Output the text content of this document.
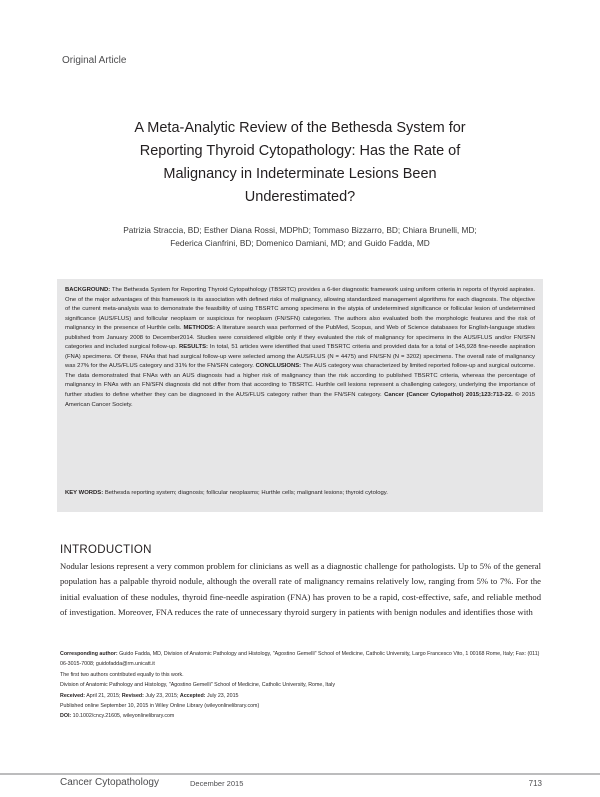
Original Article
A Meta-Analytic Review of the Bethesda System for
Reporting Thyroid Cytopathology: Has the Rate of
Malignancy in Indeterminate Lesions Been
Underestimated?
Patrizia Straccia, BD; Esther Diana Rossi, MDPhD; Tommaso Bizzarro, BD; Chiara Brunelli, MD;
Federica Cianfrini, BD; Domenico Damiani, MD; and Guido Fadda, MD
BACKGROUND: The Bethesda System for Reporting Thyroid Cytopathology (TBSRTC) provides a 6-tier diagnostic framework using uniform criteria in reports of thyroid aspirates. One of the major advantages of this framework is its association with defined risks of malignancy, allowing standardized management algorithms for each diagnosis. The objective of the current meta-analysis was to demonstrate the feasibility of using TBSRTC among specimens in the atypia of undetermined significance or follicular lesion of undetermined significance (AUS/FLUS) and follicular neoplasm or suspicious for neoplasm (FN/SFN) categories. The authors also evaluated both the morphologic features and the risk of malignancy in the presence of Hurthle cells. METHODS: A literature search was performed of the PubMed, Scopus, and Web of Science databases for English-language studies published from January 2008 to December2014. Studies were considered eligible only if they evaluated the risk of malignancy for specimens in the AUS/FLUS and/or FN/SFN categories and included surgical follow-up. RESULTS: In total, 51 articles were identified that used TBSRTC criteria and provided data for a total of 145,928 fine-needle aspiration (FNA) specimens. Of these, FNAs that had surgical follow-up were selected among the AUS/FLUS (N = 4475) and FN/SFN (N = 3202) specimens. The overall rate of malignancy was 27% for the AUS/FLUS category and 31% for the FN/SFN category. CONCLUSIONS: The AUS category was characterized by limited reported follow-up and surgical outcome. The data demonstrated that FNAs with an AUS diagnosis had a higher risk of malignancy than the risk according to published TBSRTC criteria, whereas the percentage of malignancy in FNAs with an FN/SFN diagnosis did not differ from that according to TBSRTC. Hurthle cell lesions represent a challenging category, underlying the importance of further studies to define whether they can be diagnosed in the AUS/FLUS category rather than the FN/SFN category. Cancer (Cancer Cytopathol) 2015;123:713-22. © 2015 American Cancer Society.
KEY WORDS: Bethesda reporting system; diagnosis; follicular neoplasms; Hurthle cells; malignant lesions; thyroid cytology.
INTRODUCTION
Nodular lesions represent a very common problem for clinicians as well as a diagnostic challenge for pathologists. Up to 5% of the general population has a palpable thyroid nodule, although the overall rate of malignancy remains relatively low, ranging from 5% to 7%. For the initial evaluation of these nodules, thyroid fine-needle aspiration (FNA) has proven to be a rapid, cost-effective, safe, and reliable method of investigation. Moreover, FNA reduces the rate of unnecessary thyroid surgery in patients with benign nodules and identifies those with

Corresponding author: Guido Fadda, MD, Division of Anatomic Pathology and Histology, "Agostino Gemelli" School of Medicine, Catholic University, Largo Francesco Vito, 1 00168 Rome, Italy; Fax: (011) 06-3015-7008; guidofadda@rm.unicatt.it

The first two authors contributed equally to this work.

Division of Anatomic Pathology and Histology, "Agostino Gemelli" School of Medicine, Catholic University, Rome, Italy

Received: April 21, 2015; Revised: July 23, 2015; Accepted: July 23, 2015

Published online September 10, 2015 in Wiley Online Library (wileyonlinelibrary.com)

DOI: 10.1002/cncy.21605, wileyonlinelibrary.com

Cancer Cytopathology	December 2015	713
